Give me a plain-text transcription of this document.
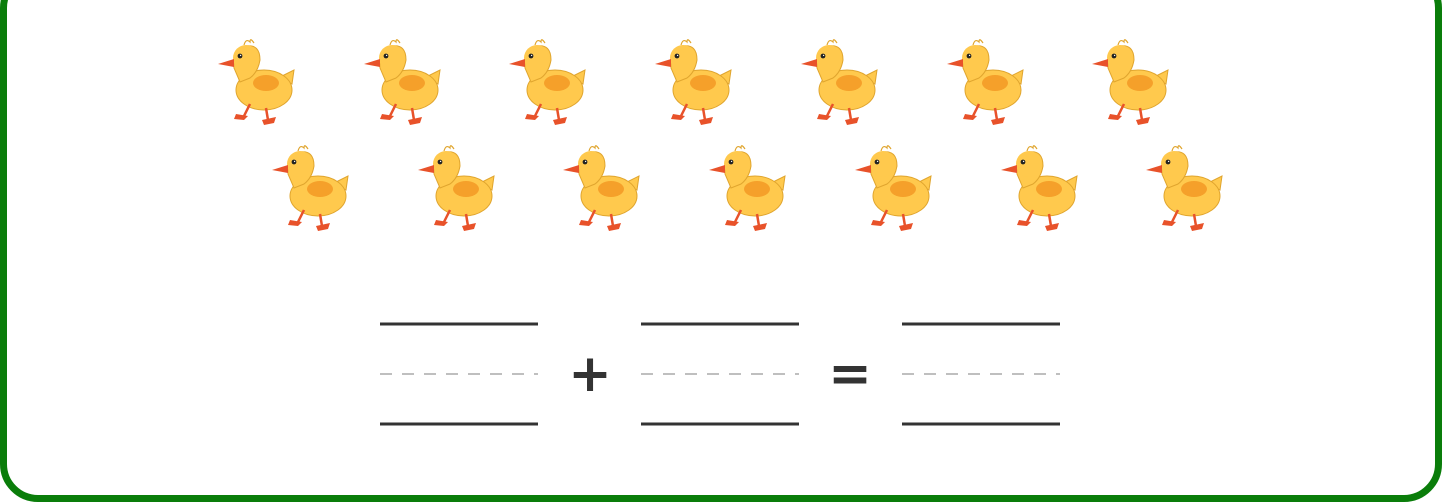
+	=
